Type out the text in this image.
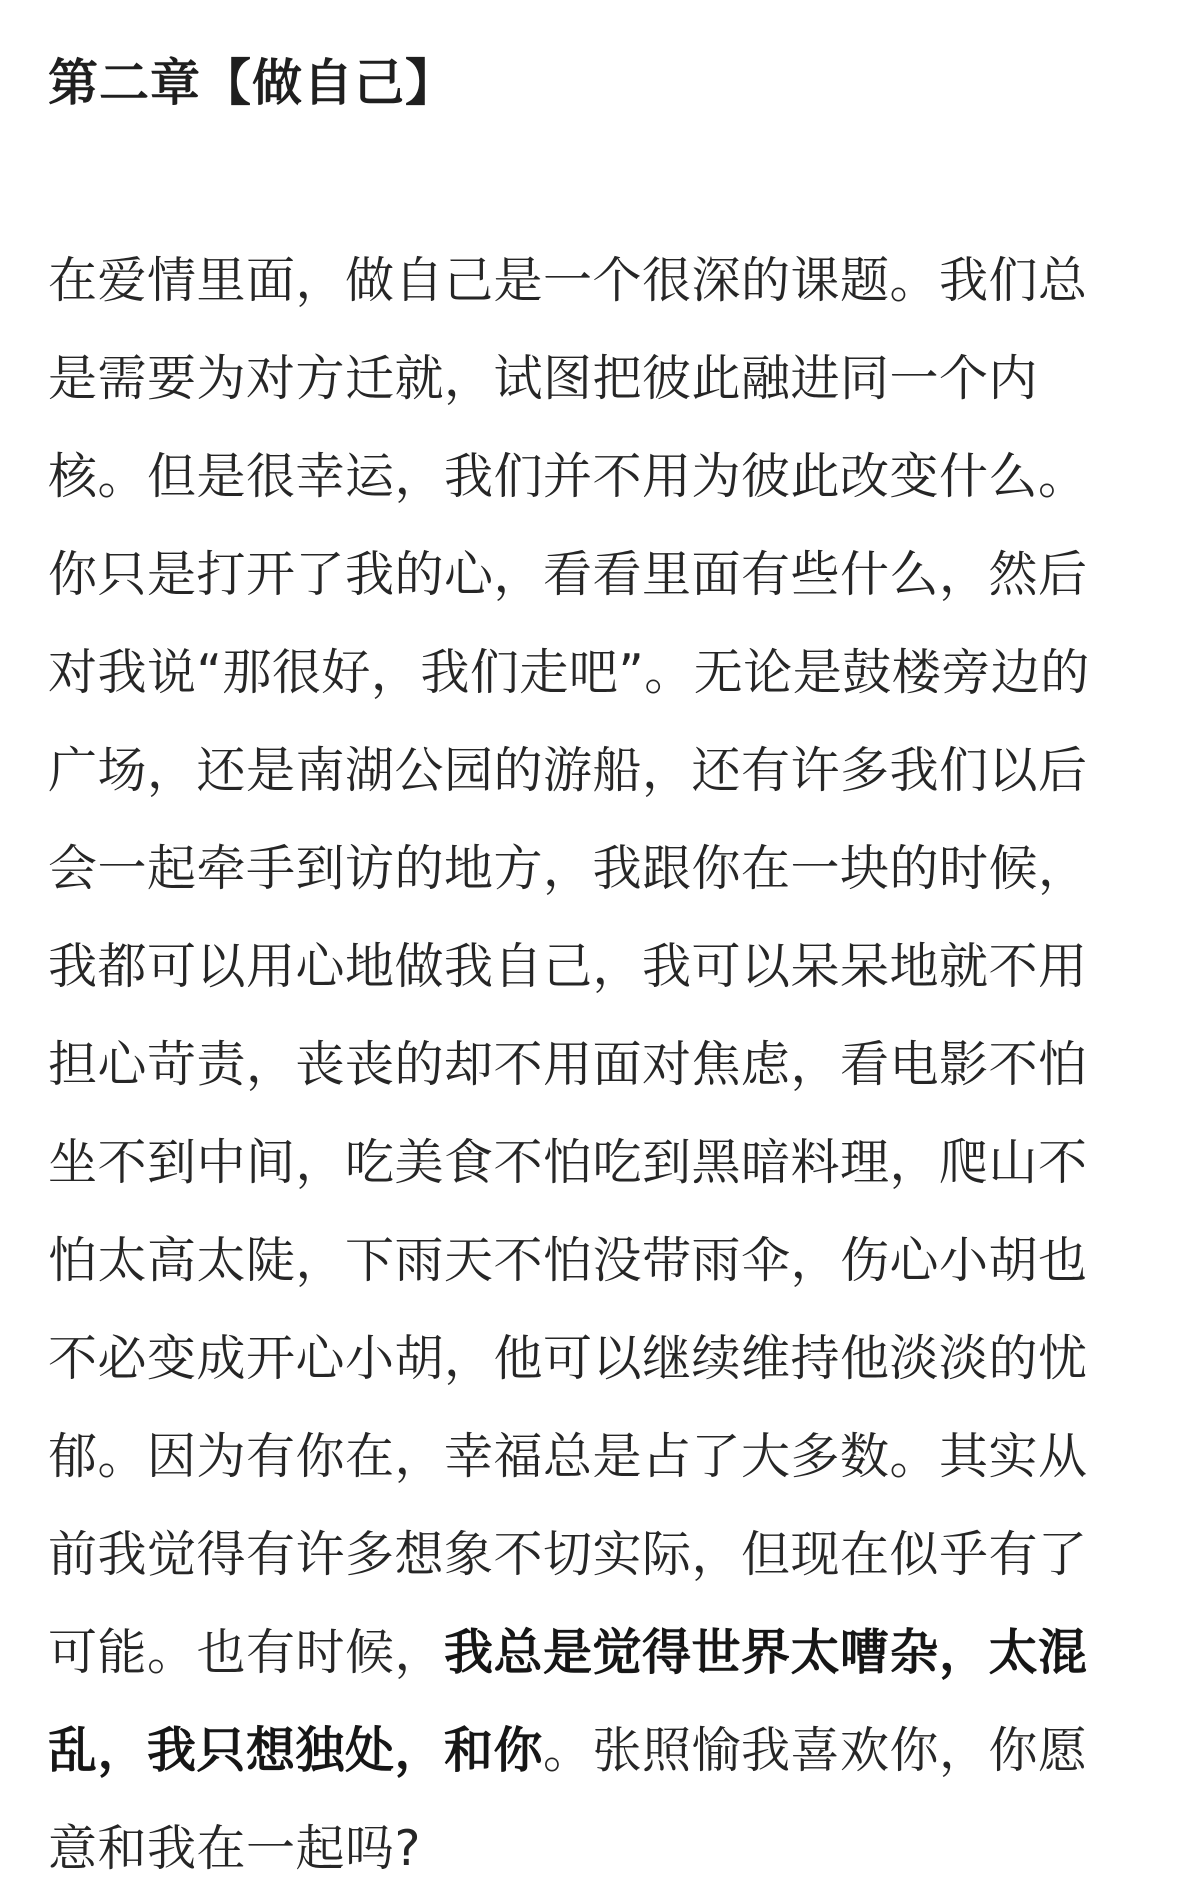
第二章【做自己】
在爱情里面，做自己是一个很深的课题。我们总
是需要为对方迁就，试图把彼此融进同一个内
核。但是很幸运，我们并不用为彼此改变什么。
你只是打开了我的心，看看里面有些什么，然后
对我说“那很好，我们走吧”。无论是鼓楼旁边的
广场，还是南湖公园的游船，还有许多我们以后
会一起牵手到访的地方，我跟你在一块的时候，
我都可以用心地做我自己，我可以呆呆地就不用
担心苛责，丧丧的却不用面对焦虑，看电影不怕
坐不到中间，吃美食不怕吃到黑暗料理，爬山不
怕太高太陡，下雨天不怕没带雨伞，伤心小胡也
不必变成开心小胡，他可以继续维持他淡淡的忧
郁。因为有你在，幸福总是占了大多数。其实从
前我觉得有许多想象不切实际，但现在似乎有了
可能。也有时候，我总是觉得世界太嘈杂，太混
乱，我只想独处，和你。张照愉我喜欢你，你愿
意和我在一起吗?
